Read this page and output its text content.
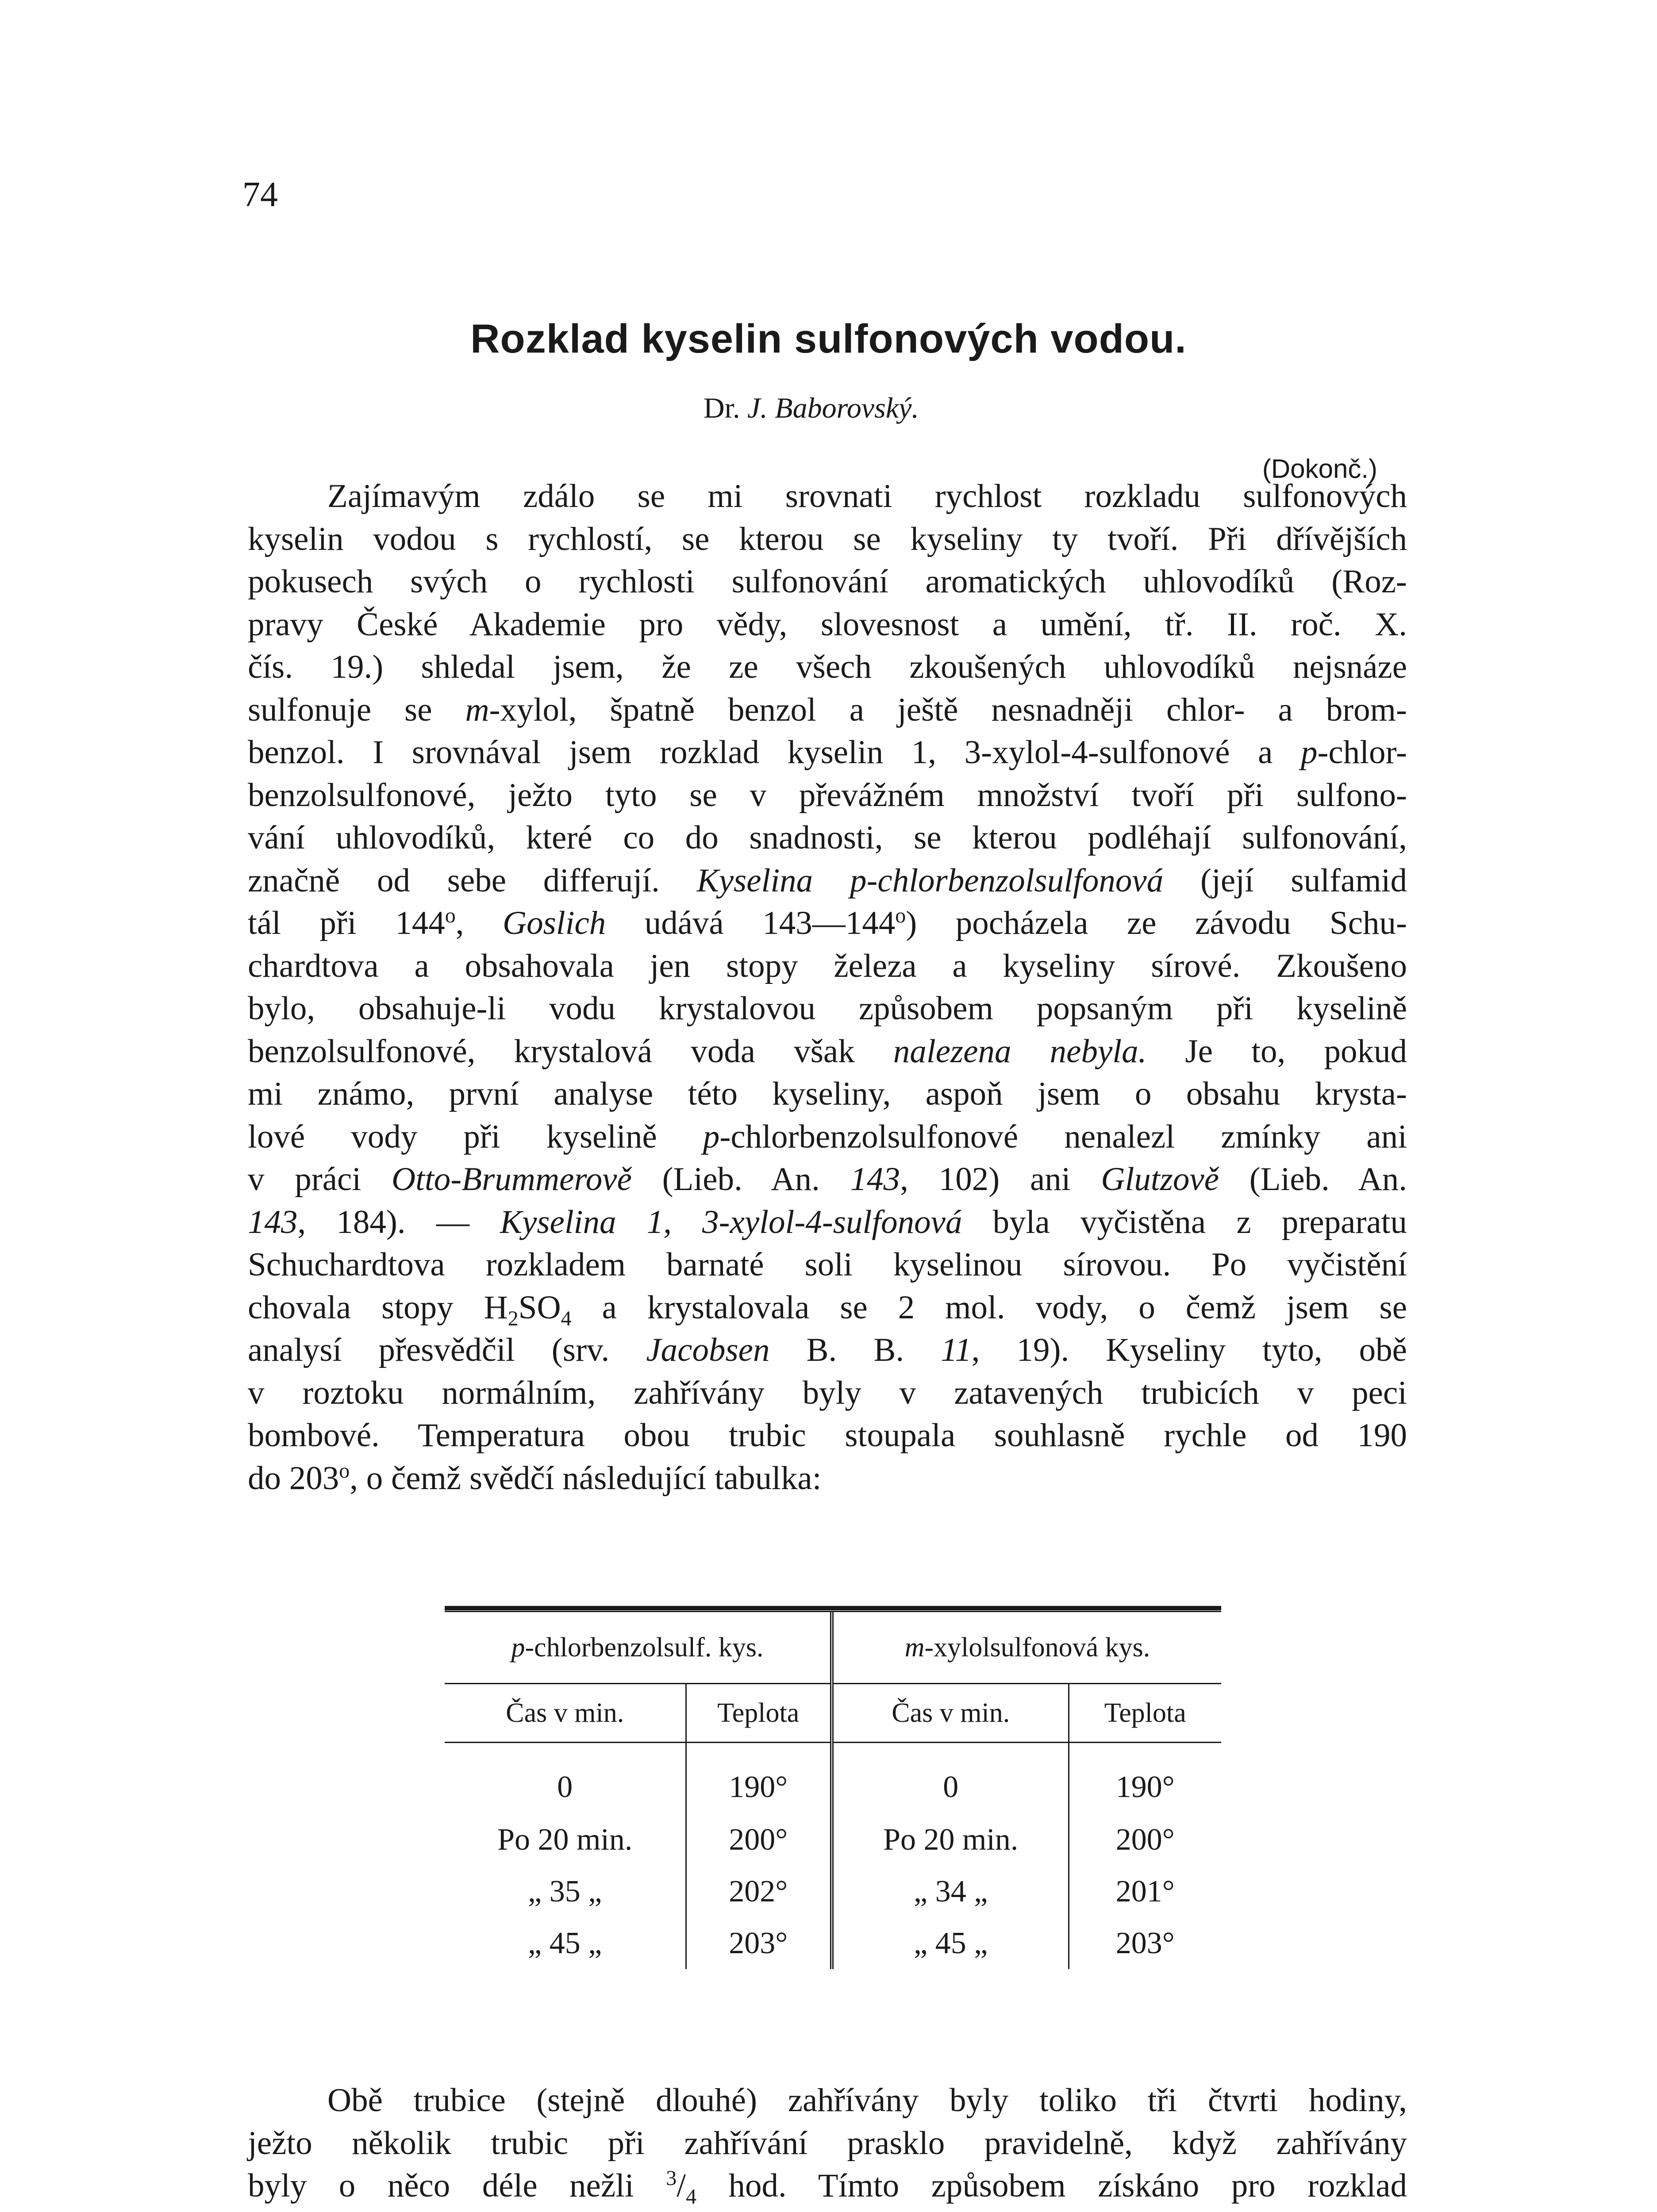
74
Rozklad kyselin sulfonových vodou.
Dr. J. Baborovský.
(Dokonč.)
Zajímavým zdálo se mi srovnati rychlost rozkladu sulfonových
kyselin vodou s rychlostí, se kterou se kyseliny ty tvoří. Při dřívějších
pokusech svých o rychlosti sulfonování aromatických uhlovodíků (Roz-
pravy České Akademie pro vědy, slovesnost a umění, tř. II. roč. X.
čís. 19.) shledal jsem, že ze všech zkoušených uhlovodíků nejsnáze
sulfonuje se m-xylol, špatně benzol a ještě nesnadněji chlor- a brom-
benzol. I srovnával jsem rozklad kyselin 1, 3-xylol-4-sulfonové a p-chlor-
benzolsulfonové, ježto tyto se v převážném množství tvoří při sulfono-
vání uhlovodíků, které co do snadnosti, se kterou podléhají sulfonování,
značně od sebe differují. Kyselina p-chlorbenzolsulfonová (její sulfamid
tál při 144$^o$, Goslich udává 143—144$^o$) pocházela ze závodu Schu-
chardtova a obsahovala jen stopy železa a kyseliny sírové. Zkoušeno
bylo, obsahuje-li vodu krystalovou způsobem popsaným při kyselině
benzolsulfonové, krystalová voda však nalezena nebyla. Je to, pokud
mi známo, první analyse této kyseliny, aspoň jsem o obsahu krysta-
lové vody při kyselině p-chlorbenzolsulfonové nenalezl zmínky ani
v práci Otto-Brummerově (Lieb. An. 143, 102) ani Glutzově (Lieb. An.
143, 184). — Kyselina 1, 3-xylol-4-sulfonová byla vyčistěna z preparatu
Schuchardtova rozkladem barnaté soli kyselinou sírovou. Po vyčistění
chovala stopy $H_2SO_4$ a krystalovala se 2 mol. vody, o čemž jsem se
analysí přesvědčil (srv. Jacobsen B. B. 11, 19). Kyseliny tyto, obě
v roztoku normálním, zahřívány byly v zatavených trubicích v peci
bombové. Temperatura obou trubic stoupala souhlasně rychle od 190
do 203$^o$, o čemž svědčí následující tabulka:
p-chlorbenzolsulf. kys.		m-xylolsulfonová kys.	
Čas v min.	Teplota	Čas v min.	Teplota
0	190°	0	190°
Po 20 min.	200°	Po 20 min.	200°
„ 35 „	202°	„ 34 „	201°
„ 45 „	203°	„ 45 „	203°
Obě trubice (stejně dlouhé) zahřívány byly toliko tři čtvrti hodiny,
ježto několik trubic při zahřívání prasklo pravidelně, když zahřívány
byly o něco déle nežli $^3/_4$ hod. Tímto způsobem získáno pro rozklad
